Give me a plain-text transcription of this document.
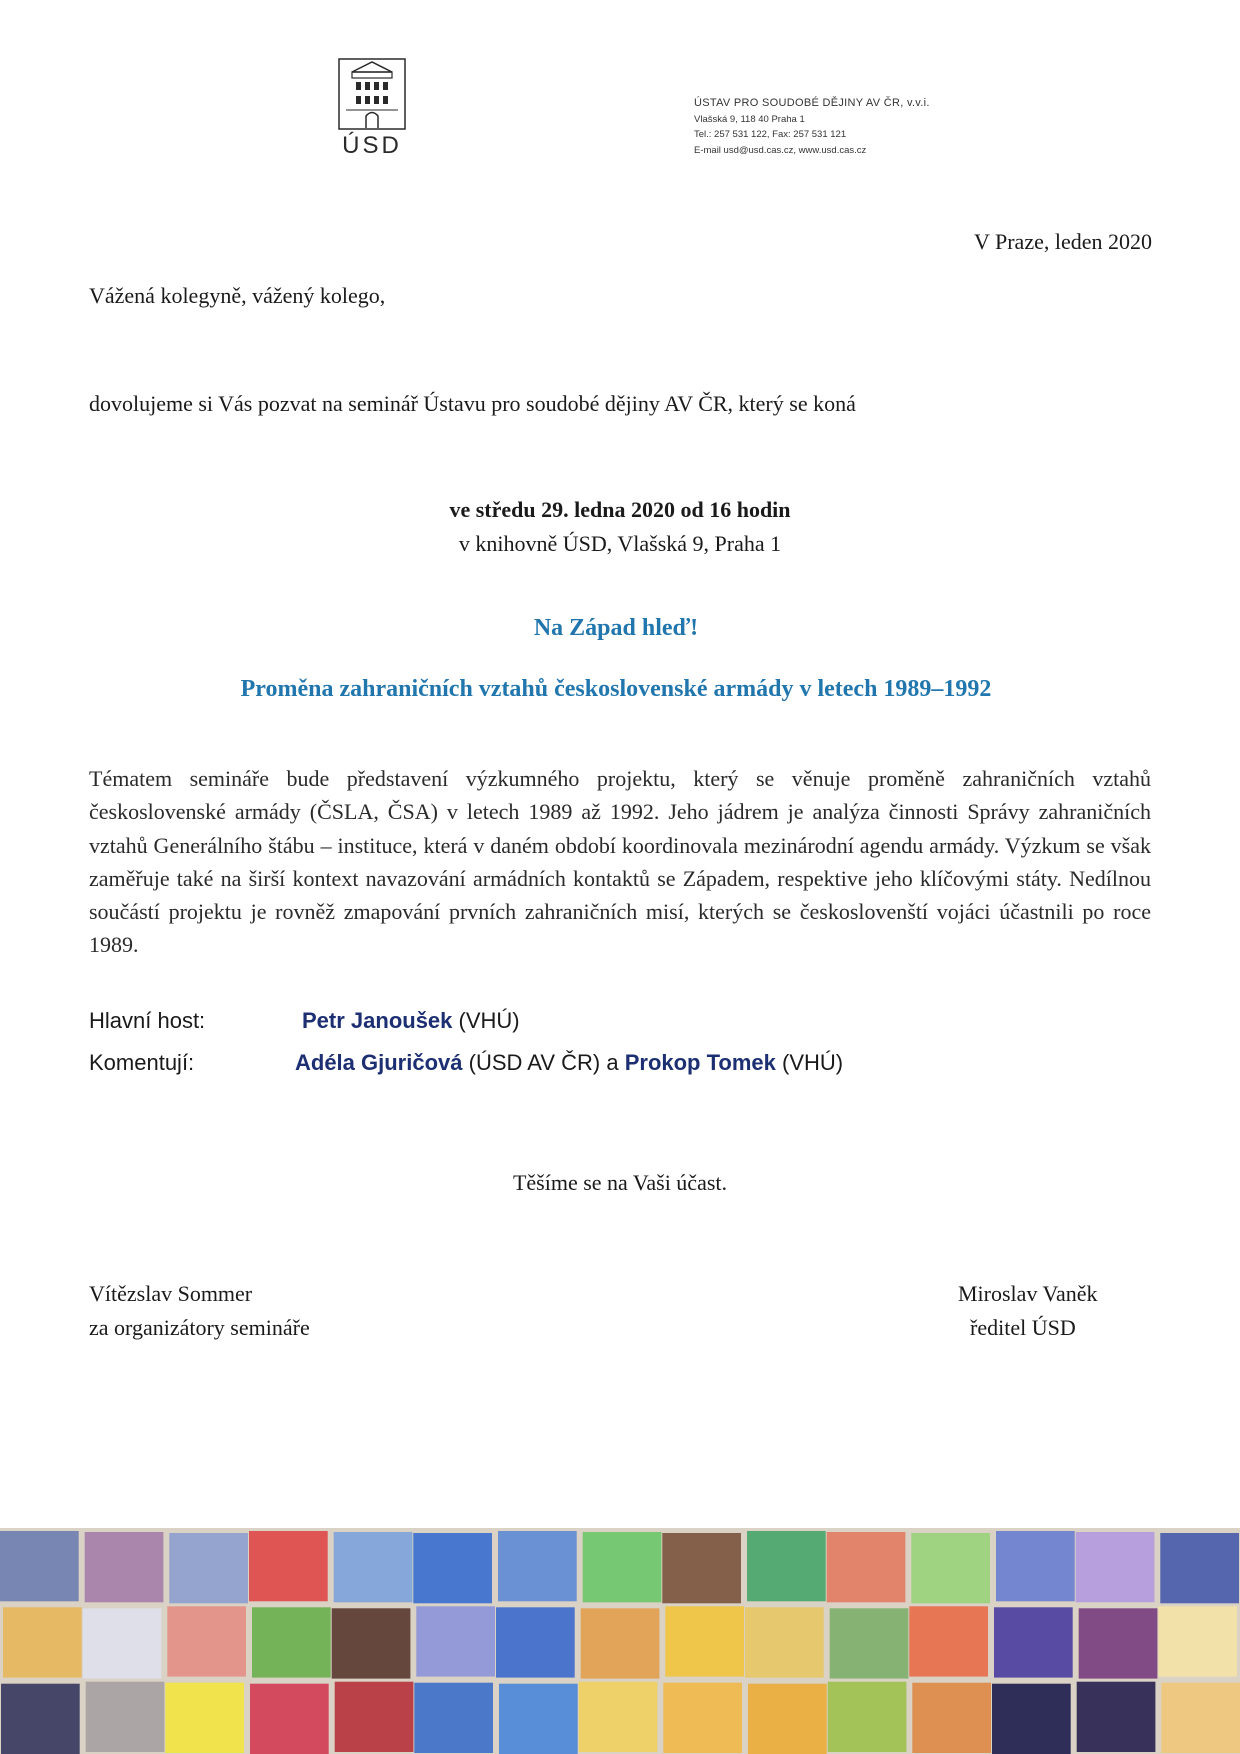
ÚSD
ÚSTAV PRO SOUDOBÉ DĚJINY AV ČR, v.v.i.
Vlašská 9, 118 40 Praha 1
Tel.: 257 531 122, Fax: 257 531 121
E-mail usd@usd.cas.cz, www.usd.cas.cz
V Praze, leden 2020
Vážená kolegyně, vážený kolego,
dovolujeme si Vás pozvat na seminář Ústavu pro soudobé dějiny AV ČR, který se koná
ve středu 29. ledna 2020 od 16 hodin
v knihovně ÚSD, Vlašská 9, Praha 1
Na Západ hleď!
Proměna zahraničních vztahů československé armády v letech 1989–1992
Tématem semináře bude představení výzkumného projektu, který se věnuje proměně zahraničních vztahů československé armády (ČSLA, ČSA) v letech 1989 až 1992. Jeho jádrem je analýza činnosti Správy zahraničních vztahů Generálního štábu – instituce, která v daném období koordinovala mezinárodní agendu armády. Výzkum se však zaměřuje také na širší kontext navazování armádních kontaktů se Západem, respektive jeho klíčovými státy. Nedílnou součástí projektu je rovněž zmapování prvních zahraničních misí, kterých se českoslovenští vojáci účastnili po roce 1989.
Hlavní host:	Petr Janoušek (VHÚ)
Komentují:	Adéla Gjuričová (ÚSD AV ČR) a Prokop Tomek (VHÚ)
Těšíme se na Vaši účast.
Vítězslav Sommer
za organizátory semináře
Miroslav Vaněk
ředitel ÚSD
